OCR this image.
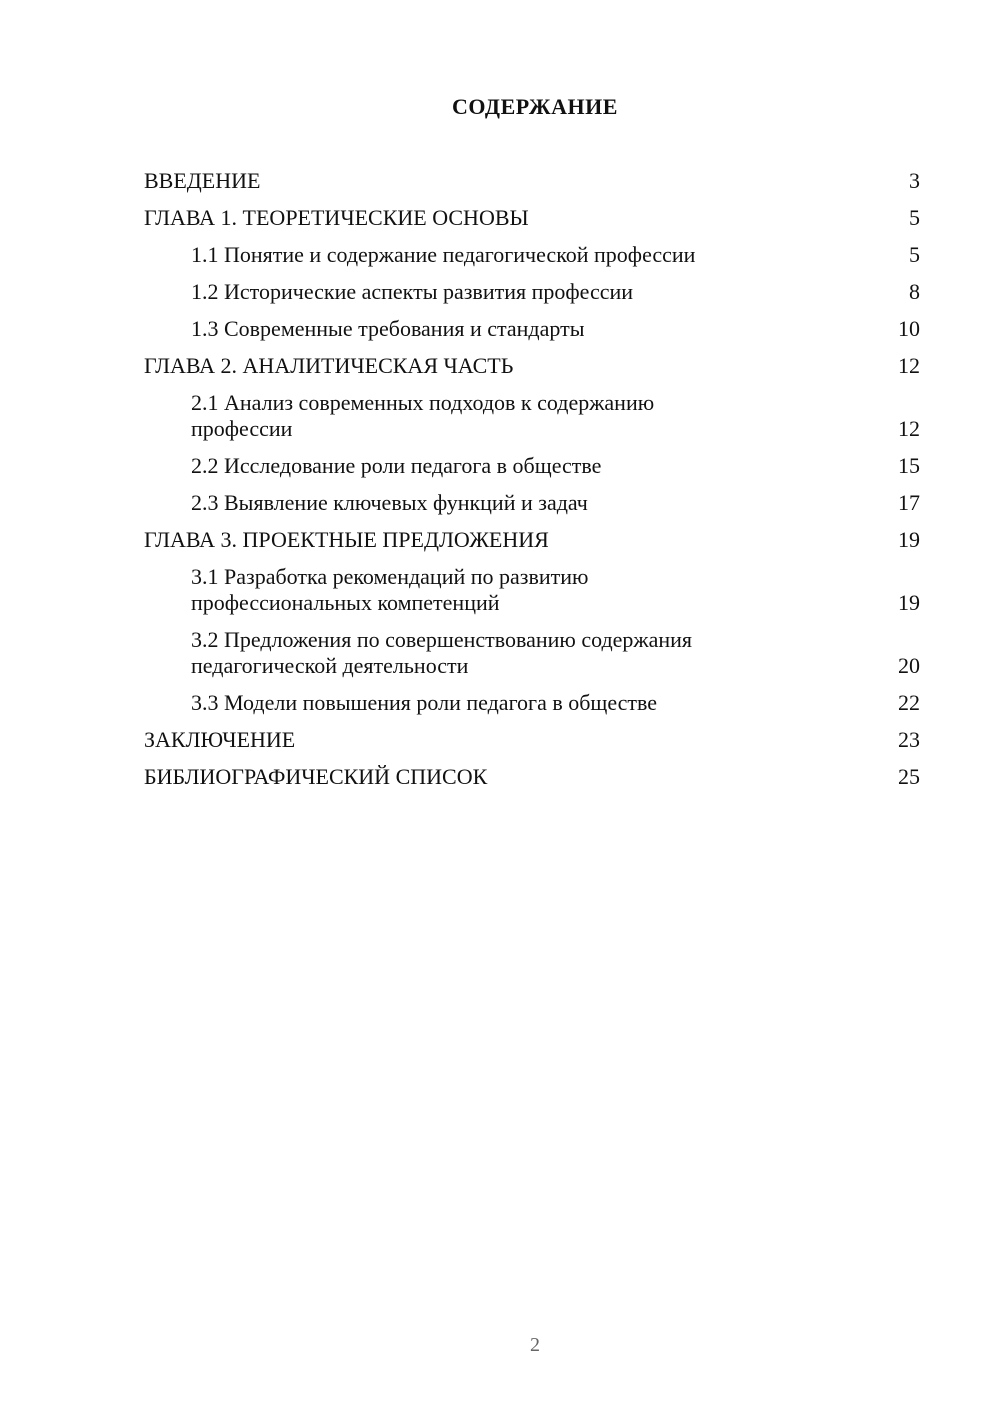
СОДЕРЖАНИЕ
ВВЕДЕНИЕ	3
ГЛАВА 1. ТЕОРЕТИЧЕСКИЕ ОСНОВЫ	5
1.1 Понятие и содержание педагогической профессии	5
1.2 Исторические аспекты развития профессии	8
1.3 Современные требования и стандарты	10
ГЛАВА 2. АНАЛИТИЧЕСКАЯ ЧАСТЬ	12
2.1 Анализ современных подходов к содержанию профессии	12
2.2 Исследование роли педагога в обществе	15
2.3 Выявление ключевых функций и задач	17
ГЛАВА 3. ПРОЕКТНЫЕ ПРЕДЛОЖЕНИЯ	19
3.1 Разработка рекомендаций по развитию профессиональных компетенций	19
3.2 Предложения по совершенствованию содержания педагогической деятельности	20
3.3 Модели повышения роли педагога в обществе	22
ЗАКЛЮЧЕНИЕ	23
БИБЛИОГРАФИЧЕСКИЙ СПИСОК	25
2
